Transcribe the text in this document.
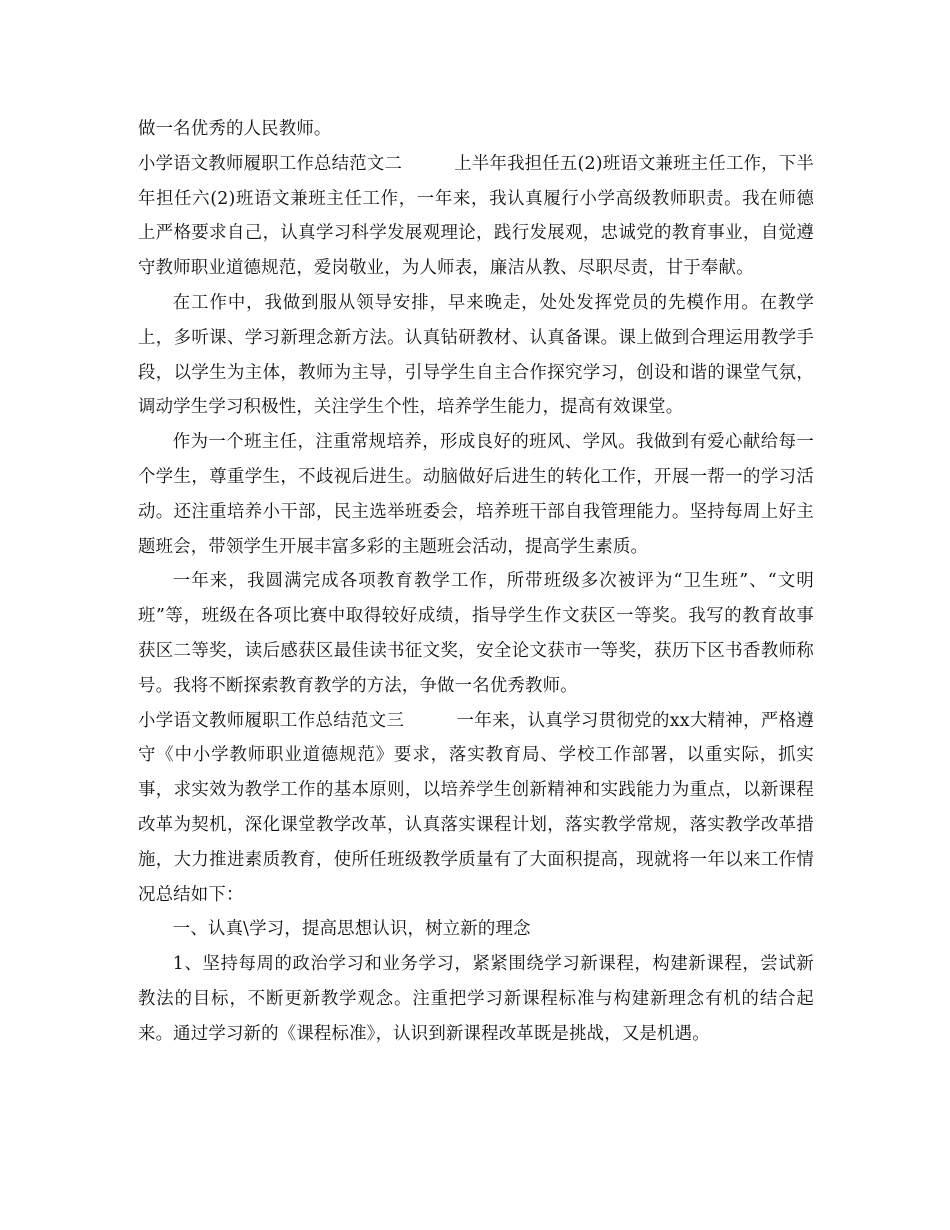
做一名优秀的人民教师。

小学语文教师履职工作总结范文二	上半年我担任五(2)班语文兼班主任工作，下半年担任六(2)班语文兼班主任工作，一年来，我认真履行小学高级教师职责。我在师德上严格要求自己，认真学习科学发展观理论，践行发展观，忠诚党的教育事业，自觉遵守教师职业道德规范，爱岗敬业，为人师表，廉洁从教、尽职尽责，甘于奉献。

在工作中，我做到服从领导安排，早来晚走，处处发挥党员的先模作用。在教学上，多听课、学习新理念新方法。认真钻研教材、认真备课。课上做到合理运用教学手段，以学生为主体，教师为主导，引导学生自主合作探究学习，创设和谐的课堂气氛，调动学生学习积极性，关注学生个性，培养学生能力，提高有效课堂。

作为一个班主任，注重常规培养，形成良好的班风、学风。我做到有爱心献给每一个学生，尊重学生，不歧视后进生。动脑做好后进生的转化工作，开展一帮一的学习活动。还注重培养小干部，民主选举班委会，培养班干部自我管理能力。坚持每周上好主题班会，带领学生开展丰富多彩的主题班会活动，提高学生素质。

一年来，我圆满完成各项教育教学工作，所带班级多次被评为“卫生班”、“文明班”等，班级在各项比赛中取得较好成绩，指导学生作文获区一等奖。我写的教育故事获区二等奖，读后感获区最佳读书征文奖，安全论文获市一等奖，获历下区书香教师称号。我将不断探索教育教学的方法，争做一名优秀教师。

小学语文教师履职工作总结范文三	一年来，认真学习贯彻党的xx大精神，严格遵守《中小学教师职业道德规范》要求，落实教育局、学校工作部署，以重实际，抓实事，求实效为教学工作的基本原则，以培养学生创新精神和实践能力为重点，以新课程改革为契机，深化课堂教学改革，认真落实课程计划，落实教学常规，落实教学改革措施，大力推进素质教育，使所任班级教学质量有了大面积提高，现就将一年以来工作情况总结如下：

一、认真\学习，提高思想认识，树立新的理念

1、坚持每周的政治学习和业务学习，紧紧围绕学习新课程，构建新课程，尝试新教法的目标，不断更新教学观念。注重把学习新课程标准与构建新理念有机的结合起来。通过学习新的《课程标准》，认识到新课程改革既是挑战，又是机遇。
